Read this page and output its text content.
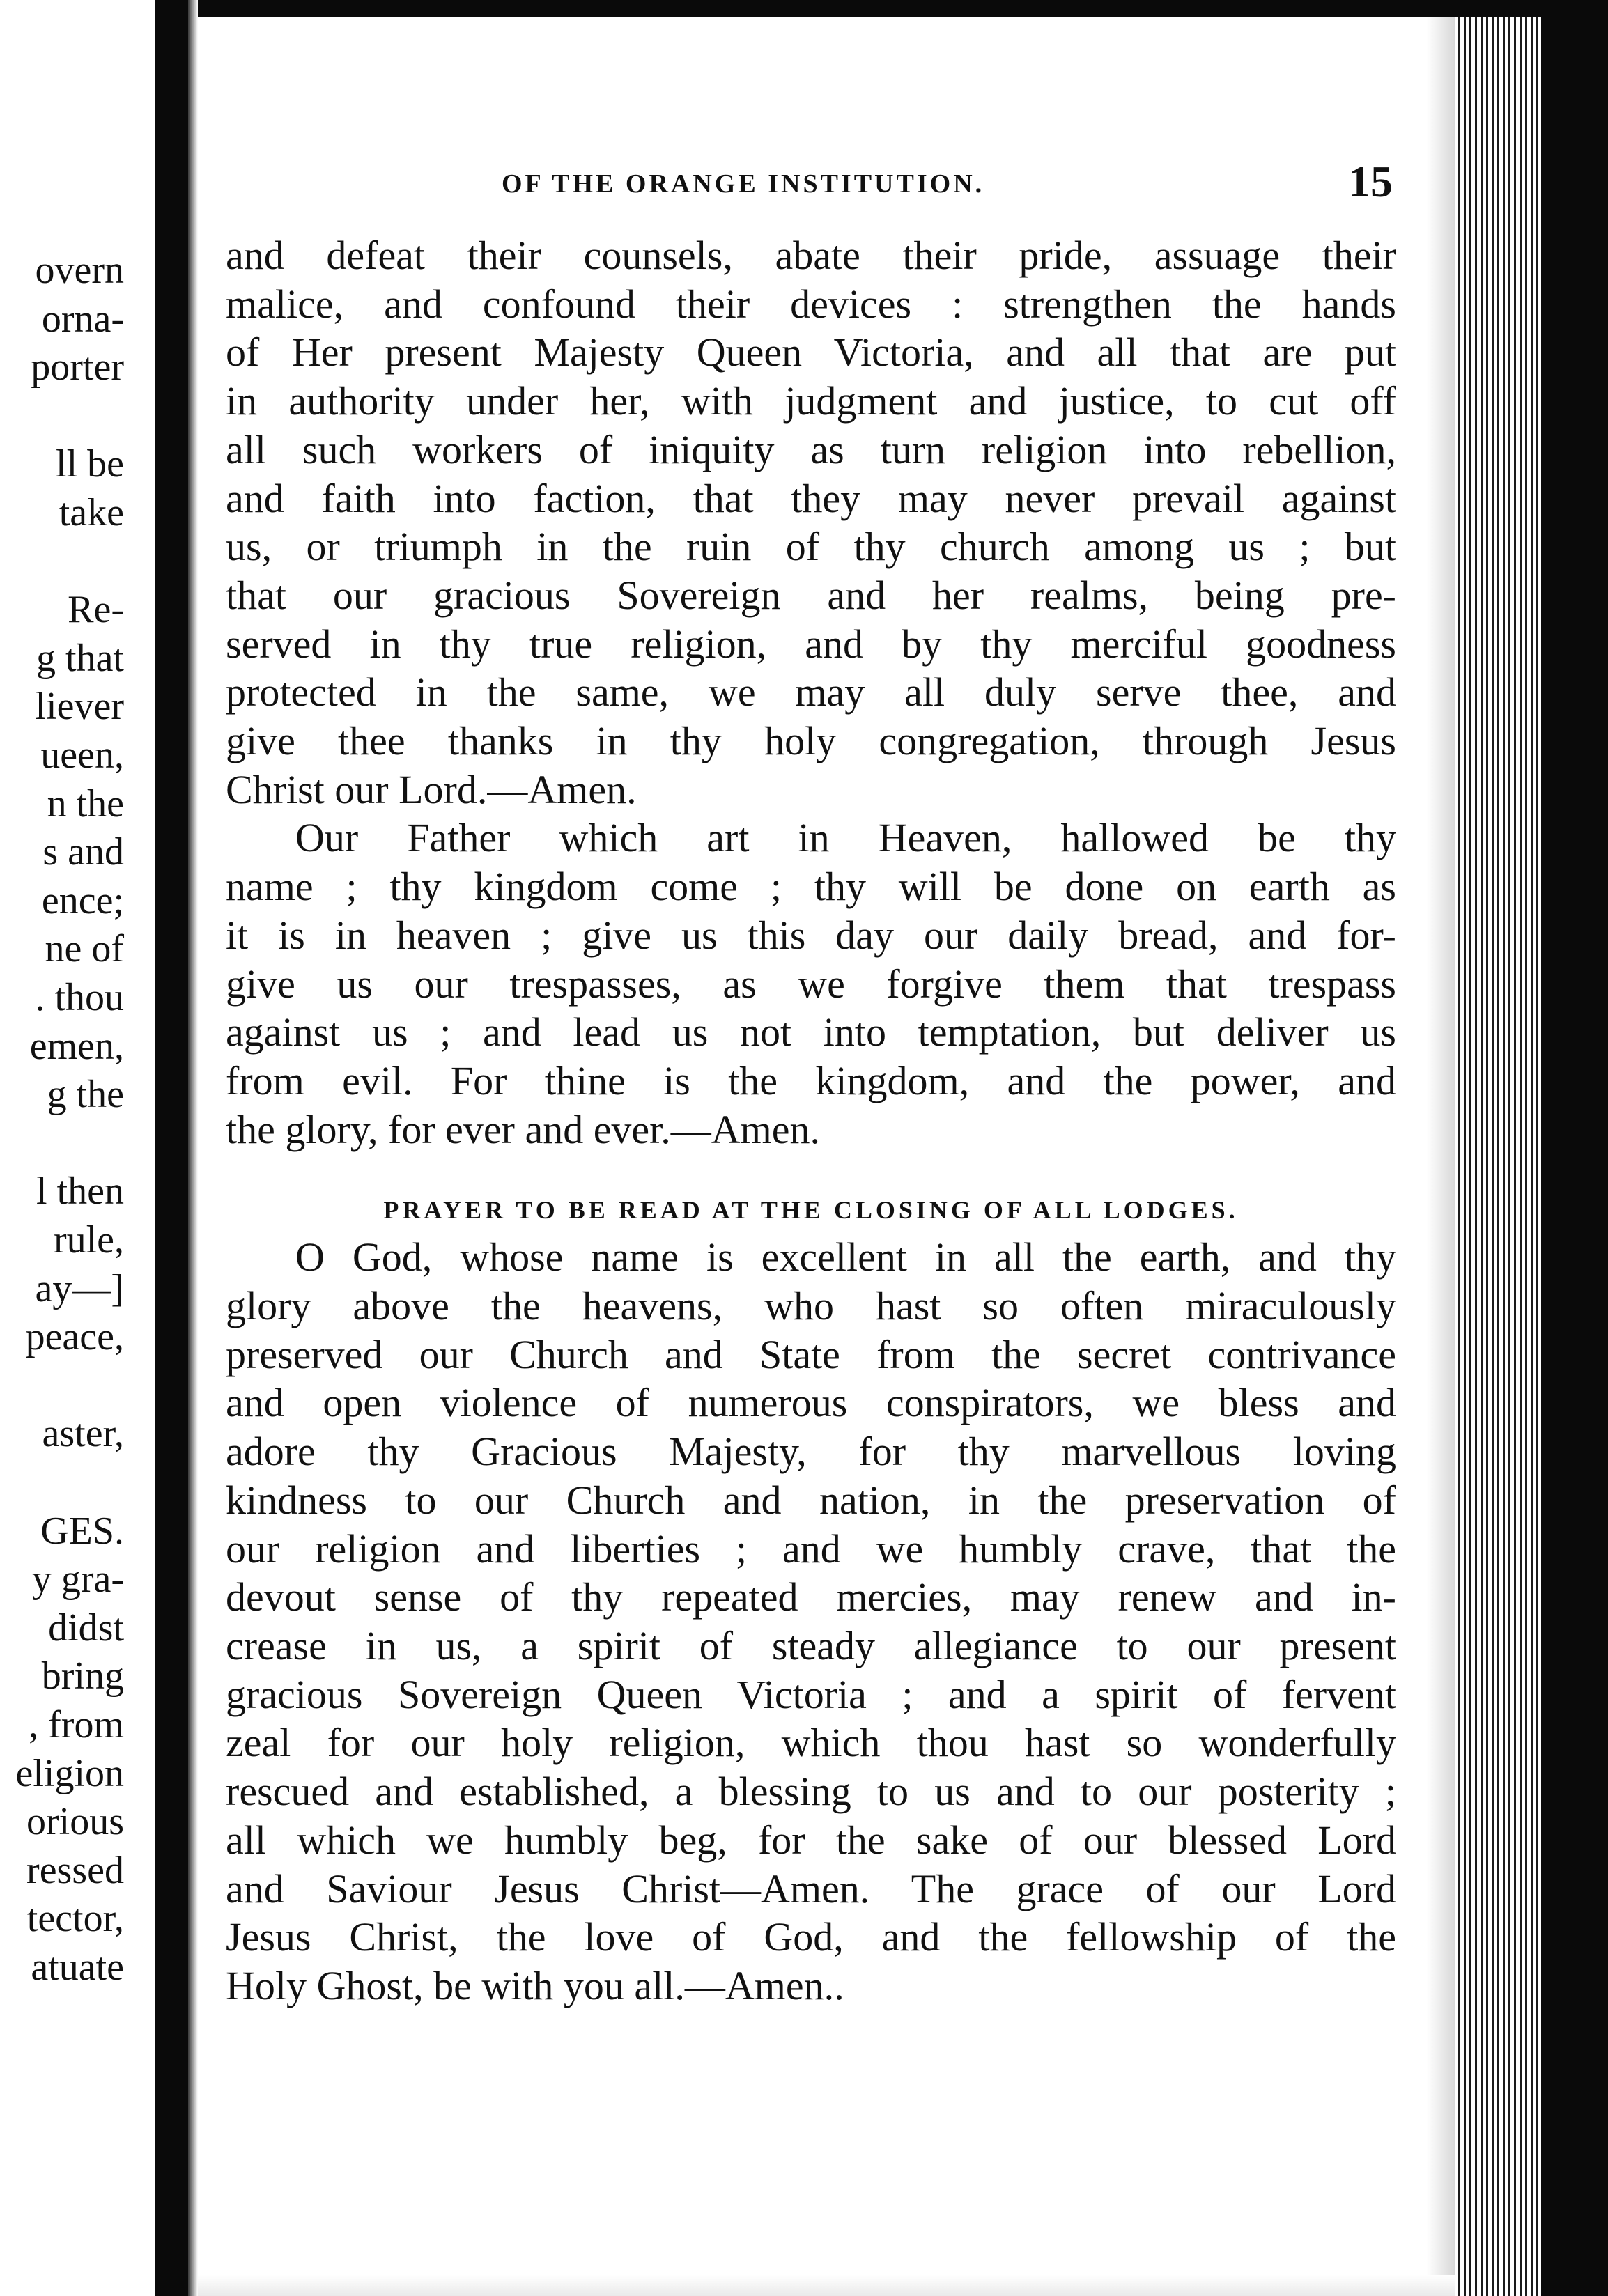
overn
orna-
porter
ll be
take
Re-
g that
liever
ueen,
n the
s and
ence;
ne of
. thou
emen,
g the
l then
rule,
ay—]
peace,
aster,
GES.
y gra-
didst
bring
, from
eligion
orious
ressed
tector,
atuate
OF THE ORANGE INSTITUTION.	15

and defeat their counsels, abate their pride, assuage their
malice, and confound their devices : strengthen the hands
of Her present Majesty Queen Victoria, and all that are put
in authority under her, with judgment and justice, to cut off
all such workers of iniquity as turn religion into rebellion,
and faith into faction, that they may never prevail against
us, or triumph in the ruin of thy church among us ; but
that our gracious Sovereign and her realms, being pre-
served in thy true religion, and by thy merciful goodness
protected in the same, we may all duly serve thee, and
give thee thanks in thy holy congregation, through Jesus
Christ our Lord.—Amen.

Our Father which art in Heaven, hallowed be thy
name ; thy kingdom come ; thy will be done on earth as
it is in heaven ; give us this day our daily bread, and for-
give us our trespasses, as we forgive them that trespass
against us ; and lead us not into temptation, but deliver us
from evil. For thine is the kingdom, and the power, and
the glory, for ever and ever.—Amen.

PRAYER TO BE READ AT THE CLOSING OF ALL LODGES.

O God, whose name is excellent in all the earth, and thy
glory above the heavens, who hast so often miraculously
preserved our Church and State from the secret contrivance
and open violence of numerous conspirators, we bless and
adore thy Gracious Majesty, for thy marvellous loving
kindness to our Church and nation, in the preservation of
our religion and liberties ; and we humbly crave, that the
devout sense of thy repeated mercies, may renew and in-
crease in us, a spirit of steady allegiance to our present
gracious Sovereign Queen Victoria ; and a spirit of fervent
zeal for our holy religion, which thou hast so wonderfully
rescued and established, a blessing to us and to our posterity ;
all which we humbly beg, for the sake of our blessed Lord
and Saviour Jesus Christ—Amen. The grace of our Lord
Jesus Christ, the love of God, and the fellowship of the
Holy Ghost, be with you all.—Amen..
